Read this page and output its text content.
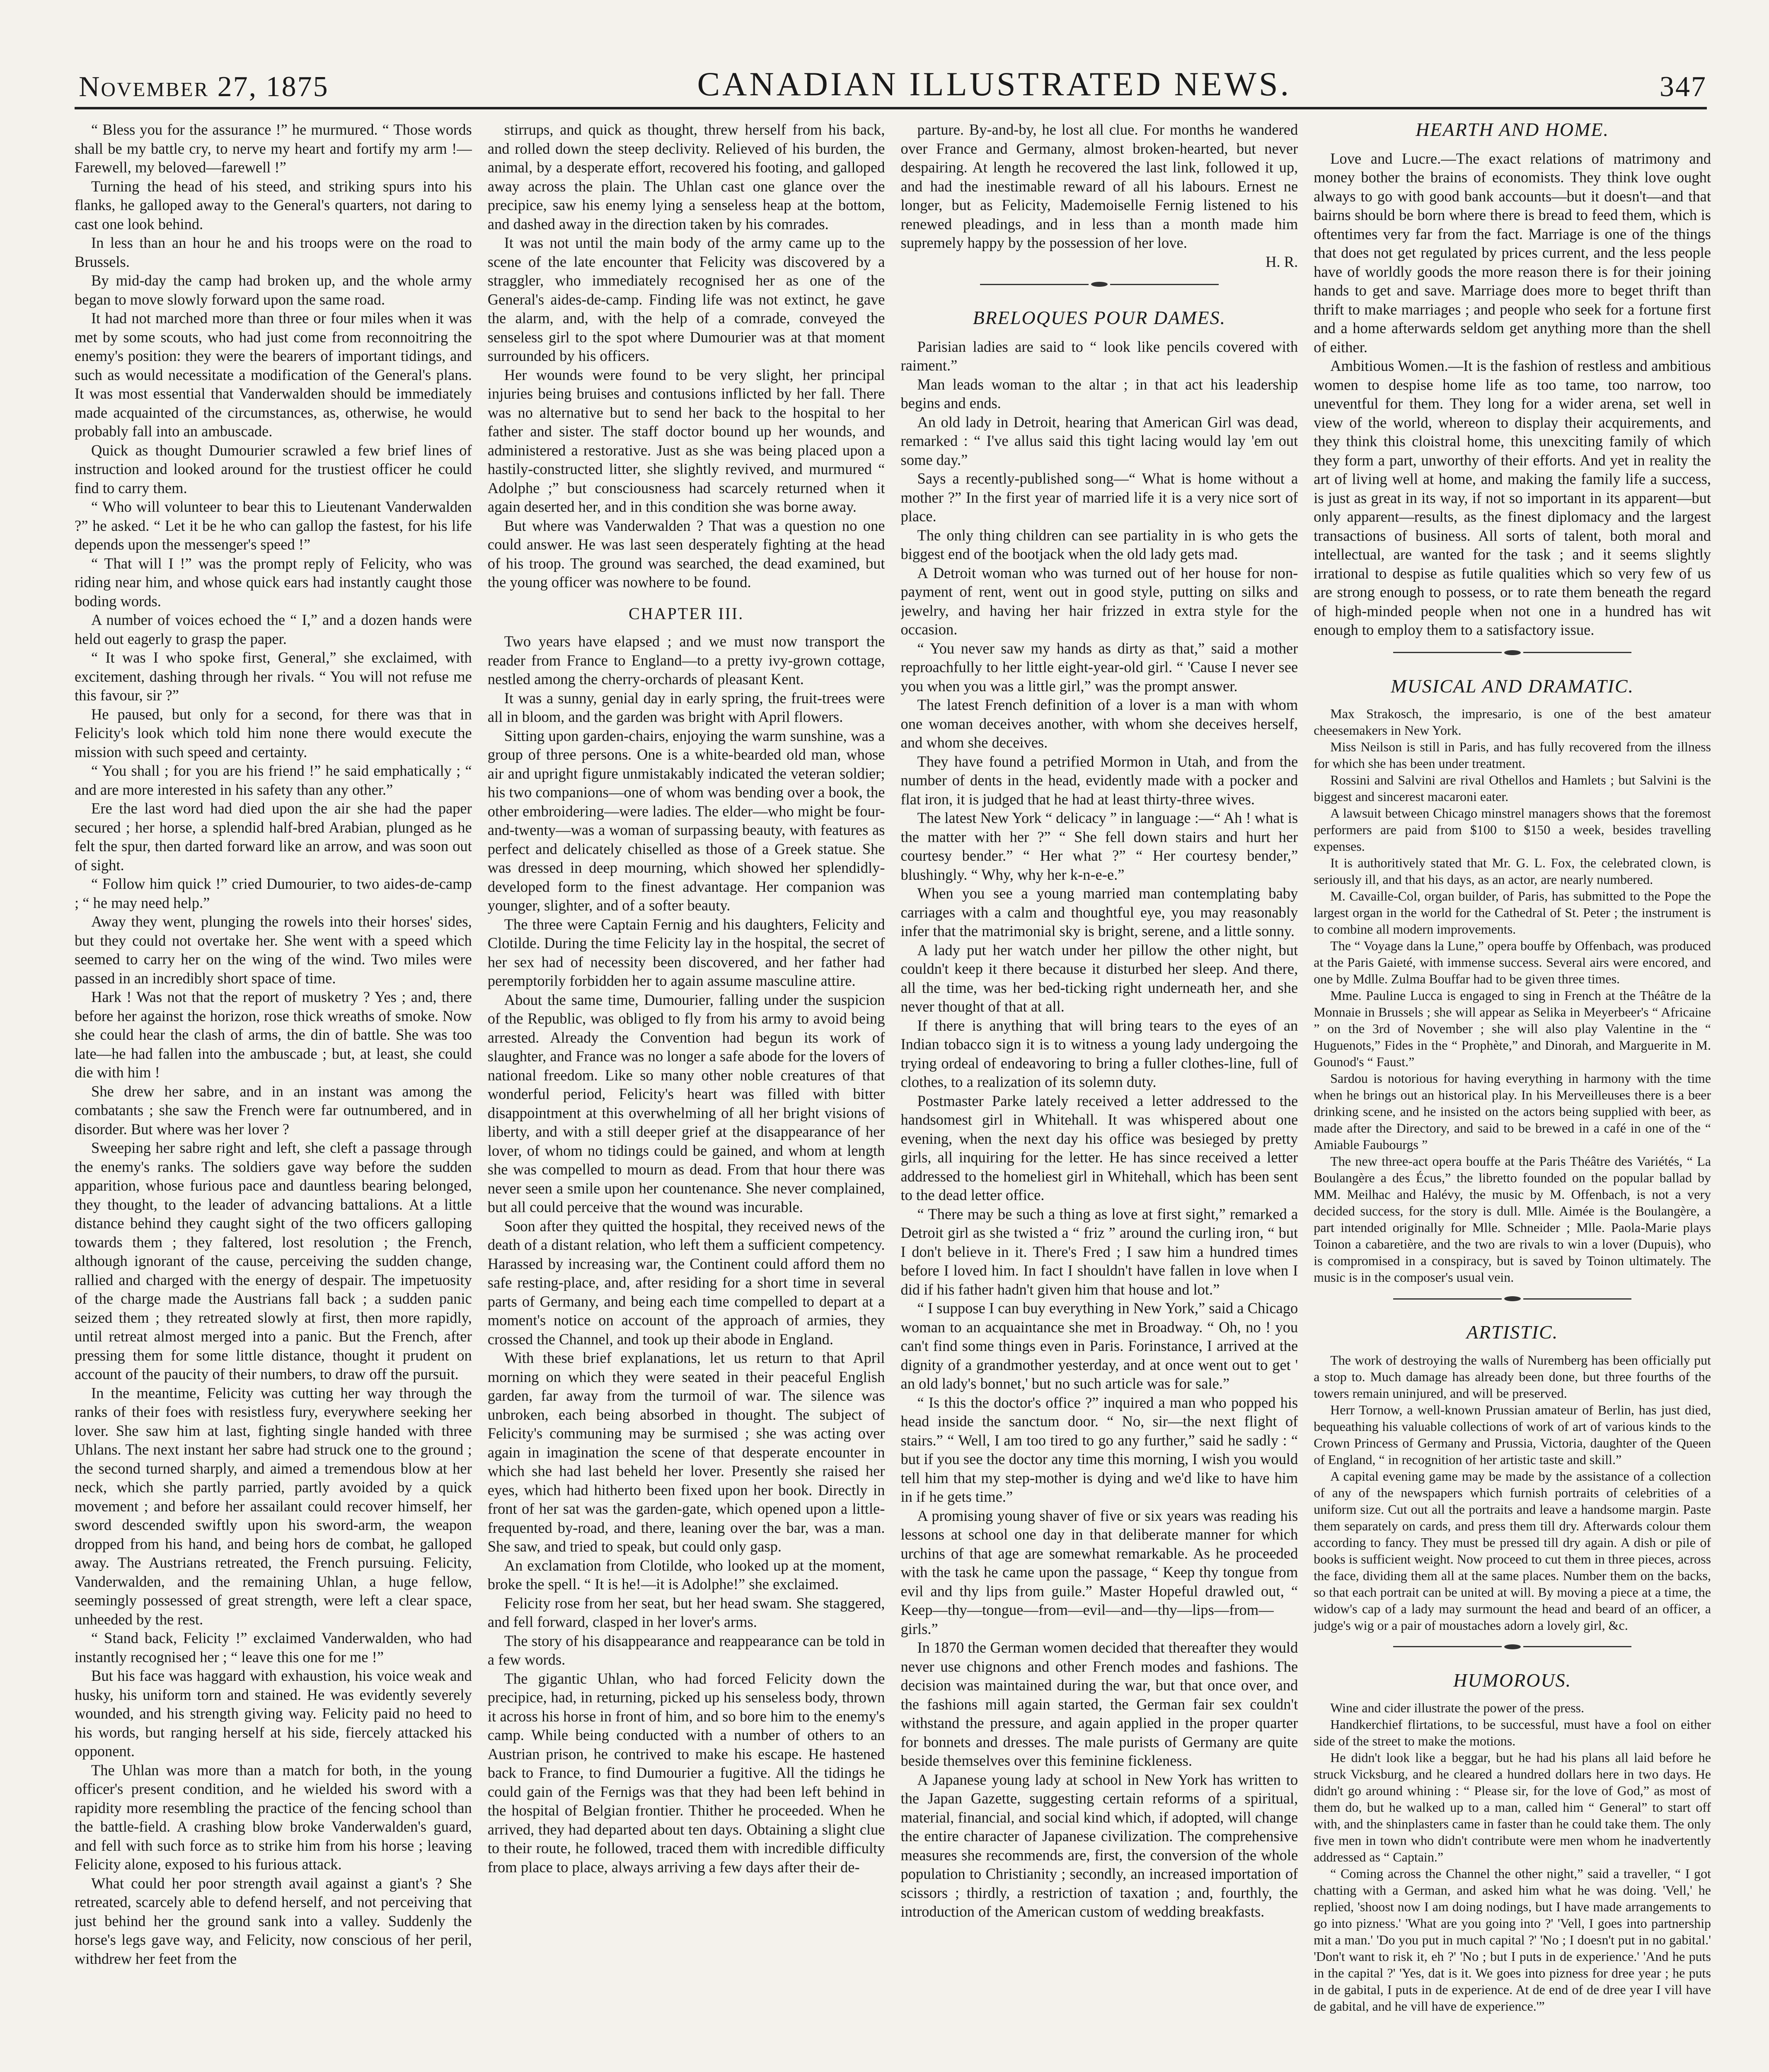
November 27, 1875	CANADIAN ILLUSTRATED NEWS.	347

“ Bless you for the assurance !” he murmured. “ Those words shall be my battle cry, to nerve my heart and fortify my arm !—Farewell, my beloved—farewell !”

Turning the head of his steed, and striking spurs into his flanks, he galloped away to the General's quarters, not daring to cast one look behind.

In less than an hour he and his troops were on the road to Brussels.

By mid-day the camp had broken up, and the whole army began to move slowly forward upon the same road.

It had not marched more than three or four miles when it was met by some scouts, who had just come from reconnoitring the enemy's position: they were the bearers of important tidings, and such as would necessitate a modification of the General's plans. It was most essential that Vanderwalden should be immediately made acquainted of the circumstances, as, otherwise, he would probably fall into an ambuscade.

Quick as thought Dumourier scrawled a few brief lines of instruction and looked around for the trustiest officer he could find to carry them.

“ Who will volunteer to bear this to Lieutenant Vanderwalden ?” he asked. “ Let it be he who can gallop the fastest, for his life depends upon the messenger's speed !”

“ That will I !” was the prompt reply of Felicity, who was riding near him, and whose quick ears had instantly caught those boding words.

A number of voices echoed the “ I,” and a dozen hands were held out eagerly to grasp the paper.

“ It was I who spoke first, General,” she exclaimed, with excitement, dashing through her rivals. “ You will not refuse me this favour, sir ?”

He paused, but only for a second, for there was that in Felicity's look which told him none there would execute the mission with such speed and certainty.

“ You shall ; for you are his friend !” he said emphatically ; “ and are more interested in his safety than any other.”

Ere the last word had died upon the air she had the paper secured ; her horse, a splendid half-bred Arabian, plunged as he felt the spur, then darted forward like an arrow, and was soon out of sight.

“ Follow him quick !” cried Dumourier, to two aides-de-camp ; “ he may need help.”

Away they went, plunging the rowels into their horses' sides, but they could not overtake her. She went with a speed which seemed to carry her on the wing of the wind. Two miles were passed in an incredibly short space of time.

Hark ! Was not that the report of musketry ? Yes ; and, there before her against the horizon, rose thick wreaths of smoke. Now she could hear the clash of arms, the din of battle. She was too late—he had fallen into the ambuscade ; but, at least, she could die with him !

She drew her sabre, and in an instant was among the combatants ; she saw the French were far outnumbered, and in disorder. But where was her lover ?

Sweeping her sabre right and left, she cleft a passage through the enemy's ranks. The soldiers gave way before the sudden apparition, whose furious pace and dauntless bearing belonged, they thought, to the leader of advancing battalions. At a little distance behind they caught sight of the two officers galloping towards them ; they faltered, lost resolution ; the French, although ignorant of the cause, perceiving the sudden change, rallied and charged with the energy of despair. The impetuosity of the charge made the Austrians fall back ; a sudden panic seized them ; they retreated slowly at first, then more rapidly, until retreat almost merged into a panic. But the French, after pressing them for some little distance, thought it prudent on account of the paucity of their numbers, to draw off the pursuit.

In the meantime, Felicity was cutting her way through the ranks of their foes with resistless fury, everywhere seeking her lover. She saw him at last, fighting single handed with three Uhlans. The next instant her sabre had struck one to the ground ; the second turned sharply, and aimed a tremendous blow at her neck, which she partly parried, partly avoided by a quick movement ; and before her assailant could recover himself, her sword descended swiftly upon his sword-arm, the weapon dropped from his hand, and being hors de combat, he galloped away. The Austrians retreated, the French pursuing. Felicity, Vanderwalden, and the remaining Uhlan, a huge fellow, seemingly possessed of great strength, were left a clear space, unheeded by the rest.

“ Stand back, Felicity !” exclaimed Vanderwalden, who had instantly recognised her ; “ leave this one for me !”

But his face was haggard with exhaustion, his voice weak and husky, his uniform torn and stained. He was evidently severely wounded, and his strength giving way. Felicity paid no heed to his words, but ranging herself at his side, fiercely attacked his opponent.

The Uhlan was more than a match for both, in the young officer's present condition, and he wielded his sword with a rapidity more resembling the practice of the fencing school than the battle-field. A crashing blow broke Vanderwalden's guard, and fell with such force as to strike him from his horse ; leaving Felicity alone, exposed to his furious attack.

What could her poor strength avail against a giant's ? She retreated, scarcely able to defend herself, and not perceiving that just behind her the ground sank into a valley. Suddenly the horse's legs gave way, and Felicity, now conscious of her peril, withdrew her feet from the

stirrups, and quick as thought, threw herself from his back, and rolled down the steep declivity. Relieved of his burden, the animal, by a desperate effort, recovered his footing, and galloped away across the plain. The Uhlan cast one glance over the precipice, saw his enemy lying a senseless heap at the bottom, and dashed away in the direction taken by his comrades.

It was not until the main body of the army came up to the scene of the late encounter that Felicity was discovered by a straggler, who immediately recognised her as one of the General's aides-de-camp. Finding life was not extinct, he gave the alarm, and, with the help of a comrade, conveyed the senseless girl to the spot where Dumourier was at that moment surrounded by his officers.

Her wounds were found to be very slight, her principal injuries being bruises and contusions inflicted by her fall. There was no alternative but to send her back to the hospital to her father and sister. The staff doctor bound up her wounds, and administered a restorative. Just as she was being placed upon a hastily-constructed litter, she slightly revived, and murmured “ Adolphe ;” but consciousness had scarcely returned when it again deserted her, and in this condition she was borne away.

But where was Vanderwalden ? That was a question no one could answer. He was last seen desperately fighting at the head of his troop. The ground was searched, the dead examined, but the young officer was nowhere to be found.

CHAPTER III.

Two years have elapsed ; and we must now transport the reader from France to England—to a pretty ivy-grown cottage, nestled among the cherry-orchards of pleasant Kent.

It was a sunny, genial day in early spring, the fruit-trees were all in bloom, and the garden was bright with April flowers.

Sitting upon garden-chairs, enjoying the warm sunshine, was a group of three persons. One is a white-bearded old man, whose air and upright figure unmistakably indicated the veteran soldier; his two companions—one of whom was bending over a book, the other embroidering—were ladies. The elder—who might be four-and-twenty—was a woman of surpassing beauty, with features as perfect and delicately chiselled as those of a Greek statue. She was dressed in deep mourning, which showed her splendidly-developed form to the finest advantage. Her companion was younger, slighter, and of a softer beauty.

The three were Captain Fernig and his daughters, Felicity and Clotilde. During the time Felicity lay in the hospital, the secret of her sex had of necessity been discovered, and her father had peremptorily forbidden her to again assume masculine attire.

About the same time, Dumourier, falling under the suspicion of the Republic, was obliged to fly from his army to avoid being arrested. Already the Convention had begun its work of slaughter, and France was no longer a safe abode for the lovers of national freedom. Like so many other noble creatures of that wonderful period, Felicity's heart was filled with bitter disappointment at this overwhelming of all her bright visions of liberty, and with a still deeper grief at the disappearance of her lover, of whom no tidings could be gained, and whom at length she was compelled to mourn as dead. From that hour there was never seen a smile upon her countenance. She never complained, but all could perceive that the wound was incurable.

Soon after they quitted the hospital, they received news of the death of a distant relation, who left them a sufficient competency. Harassed by increasing war, the Continent could afford them no safe resting-place, and, after residing for a short time in several parts of Germany, and being each time compelled to depart at a moment's notice on account of the approach of armies, they crossed the Channel, and took up their abode in England.

With these brief explanations, let us return to that April morning on which they were seated in their peaceful English garden, far away from the turmoil of war. The silence was unbroken, each being absorbed in thought. The subject of Felicity's communing may be surmised ; she was acting over again in imagination the scene of that desperate encounter in which she had last beheld her lover. Presently she raised her eyes, which had hitherto been fixed upon her book. Directly in front of her sat was the garden-gate, which opened upon a little-frequented by-road, and there, leaning over the bar, was a man. She saw, and tried to speak, but could only gasp.

An exclamation from Clotilde, who looked up at the moment, broke the spell. “ It is he!—it is Adolphe!” she exclaimed.

Felicity rose from her seat, but her head swam. She staggered, and fell forward, clasped in her lover's arms.

The story of his disappearance and reappearance can be told in a few words.

The gigantic Uhlan, who had forced Felicity down the precipice, had, in returning, picked up his senseless body, thrown it across his horse in front of him, and so bore him to the enemy's camp. While being conducted with a number of others to an Austrian prison, he contrived to make his escape. He hastened back to France, to find Dumourier a fugitive. All the tidings he could gain of the Fernigs was that they had been left behind in the hospital of Belgian frontier. Thither he proceeded. When he arrived, they had departed about ten days. Obtaining a slight clue to their route, he followed, traced them with incredible difficulty from place to place, always arriving a few days after their de-

parture. By-and-by, he lost all clue. For months he wandered over France and Germany, almost broken-hearted, but never despairing. At length he recovered the last link, followed it up, and had the inestimable reward of all his labours. Ernest ne longer, but as Felicity, Mademoiselle Fernig listened to his renewed pleadings, and in less than a month made him supremely happy by the possession of her love.

H. R.

BRELOQUES POUR DAMES.

Parisian ladies are said to “ look like pencils covered with raiment.”

Man leads woman to the altar ; in that act his leadership begins and ends.

An old lady in Detroit, hearing that American Girl was dead, remarked : “ I've allus said this tight lacing would lay 'em out some day.”

Says a recently-published song—“ What is home without a mother ?” In the first year of married life it is a very nice sort of place.

The only thing children can see partiality in is who gets the biggest end of the bootjack when the old lady gets mad.

A Detroit woman who was turned out of her house for non-payment of rent, went out in good style, putting on silks and jewelry, and having her hair frizzed in extra style for the occasion.

“ You never saw my hands as dirty as that,” said a mother reproachfully to her little eight-year-old girl. “ 'Cause I never see you when you was a little girl,” was the prompt answer.

The latest French definition of a lover is a man with whom one woman deceives another, with whom she deceives herself, and whom she deceives.

They have found a petrified Mormon in Utah, and from the number of dents in the head, evidently made with a pocker and flat iron, it is judged that he had at least thirty-three wives.

The latest New York “ delicacy ” in language :—“ Ah ! what is the matter with her ?” “ She fell down stairs and hurt her courtesy bender.” “ Her what ?” “ Her courtesy bender,” blushingly. “ Why, why her k-n-e-e.”

When you see a young married man contemplating baby carriages with a calm and thoughtful eye, you may reasonably infer that the matrimonial sky is bright, serene, and a little sonny.

A lady put her watch under her pillow the other night, but couldn't keep it there because it disturbed her sleep. And there, all the time, was her bed-ticking right underneath her, and she never thought of that at all.

If there is anything that will bring tears to the eyes of an Indian tobacco sign it is to witness a young lady undergoing the trying ordeal of endeavoring to bring a fuller clothes-line, full of clothes, to a realization of its solemn duty.

Postmaster Parke lately received a letter addressed to the handsomest girl in Whitehall. It was whispered about one evening, when the next day his office was besieged by pretty girls, all inquiring for the letter. He has since received a letter addressed to the homeliest girl in Whitehall, which has been sent to the dead letter office.

“ There may be such a thing as love at first sight,” remarked a Detroit girl as she twisted a “ friz ” around the curling iron, “ but I don't believe in it. There's Fred ; I saw him a hundred times before I loved him. In fact I shouldn't have fallen in love when I did if his father hadn't given him that house and lot.”

“ I suppose I can buy everything in New York,” said a Chicago woman to an acquaintance she met in Broadway. “ Oh, no ! you can't find some things even in Paris. Forinstance, I arrived at the dignity of a grandmother yesterday, and at once went out to get ' an old lady's bonnet,' but no such article was for sale.”

“ Is this the doctor's office ?” inquired a man who popped his head inside the sanctum door. “ No, sir—the next flight of stairs.” “ Well, I am too tired to go any further,” said he sadly : “ but if you see the doctor any time this morning, I wish you would tell him that my step-mother is dying and we'd like to have him in if he gets time.”

A promising young shaver of five or six years was reading his lessons at school one day in that deliberate manner for which urchins of that age are somewhat remarkable. As he proceeded with the task he came upon the passage, “ Keep thy tongue from evil and thy lips from guile.” Master Hopeful drawled out, “ Keep—thy—tongue—from—evil—and—thy—lips—from—girls.”

In 1870 the German women decided that thereafter they would never use chignons and other French modes and fashions. The decision was maintained during the war, but that once over, and the fashions mill again started, the German fair sex couldn't withstand the pressure, and again applied in the proper quarter for bonnets and dresses. The male purists of Germany are quite beside themselves over this feminine fickleness.

A Japanese young lady at school in New York has written to the Japan Gazette, suggesting certain reforms of a spiritual, material, financial, and social kind which, if adopted, will change the entire character of Japanese civilization. The comprehensive measures she recommends are, first, the conversion of the whole population to Christianity ; secondly, an increased importation of scissors ; thirdly, a restriction of taxation ; and, fourthly, the introduction of the American custom of wedding breakfasts.

HEARTH AND HOME.

Love and Lucre.—The exact relations of matrimony and money bother the brains of economists. They think love ought always to go with good bank accounts—but it doesn't—and that bairns should be born where there is bread to feed them, which is oftentimes very far from the fact. Marriage is one of the things that does not get regulated by prices current, and the less people have of worldly goods the more reason there is for their joining hands to get and save. Marriage does more to beget thrift than thrift to make marriages ; and people who seek for a fortune first and a home afterwards seldom get anything more than the shell of either.

Ambitious Women.—It is the fashion of restless and ambitious women to despise home life as too tame, too narrow, too uneventful for them. They long for a wider arena, set well in view of the world, whereon to display their acquirements, and they think this cloistral home, this unexciting family of which they form a part, unworthy of their efforts. And yet in reality the art of living well at home, and making the family life a success, is just as great in its way, if not so important in its apparent—but only apparent—results, as the finest diplomacy and the largest transactions of business. All sorts of talent, both moral and intellectual, are wanted for the task ; and it seems slightly irrational to despise as futile qualities which so very few of us are strong enough to possess, or to rate them beneath the regard of high-minded people when not one in a hundred has wit enough to employ them to a satisfactory issue.

MUSICAL AND DRAMATIC.

Max Strakosch, the impresario, is one of the best amateur cheesemakers in New York.

Miss Neilson is still in Paris, and has fully recovered from the illness for which she has been under treatment.

Rossini and Salvini are rival Othellos and Hamlets ; but Salvini is the biggest and sincerest macaroni eater.

A lawsuit between Chicago minstrel managers shows that the foremost performers are paid from $100 to $150 a week, besides travelling expenses.

It is authoritively stated that Mr. G. L. Fox, the celebrated clown, is seriously ill, and that his days, as an actor, are nearly numbered.

M. Cavaille-Col, organ builder, of Paris, has submitted to the Pope the largest organ in the world for the Cathedral of St. Peter ; the instrument is to combine all modern improvements.

The “ Voyage dans la Lune,” opera bouffe by Offenbach, was produced at the Paris Gaieté, with immense success. Several airs were encored, and one by Mdlle. Zulma Bouffar had to be given three times.

Mme. Pauline Lucca is engaged to sing in French at the Théâtre de la Monnaie in Brussels ; she will appear as Selika in Meyerbeer's “ Africaine ” on the 3rd of November ; she will also play Valentine in the “ Huguenots,” Fides in the “ Prophète,” and Dinorah, and Marguerite in M. Gounod's “ Faust.”

Sardou is notorious for having everything in harmony with the time when he brings out an historical play. In his Merveilleuses there is a beer drinking scene, and he insisted on the actors being supplied with beer, as made after the Directory, and said to be brewed in a café in one of the “ Amiable Faubourgs ”

The new three-act opera bouffe at the Paris Théâtre des Variétés, “ La Boulangère a des Écus,” the libretto founded on the popular ballad by MM. Meilhac and Halévy, the music by M. Offenbach, is not a very decided success, for the story is dull. Mlle. Aimée is the Boulangère, a part intended originally for Mlle. Schneider ; Mlle. Paola-Marie plays Toinon a cabaretière, and the two are rivals to win a lover (Dupuis), who is compromised in a conspiracy, but is saved by Toinon ultimately. The music is in the composer's usual vein.

ARTISTIC.

The work of destroying the walls of Nuremberg has been officially put a stop to. Much damage has already been done, but three fourths of the towers remain uninjured, and will be preserved.

Herr Tornow, a well-known Prussian amateur of Berlin, has just died, bequeathing his valuable collections of work of art of various kinds to the Crown Princess of Germany and Prussia, Victoria, daughter of the Queen of England, “ in recognition of her artistic taste and skill.”

A capital evening game may be made by the assistance of a collection of any of the newspapers which furnish portraits of celebrities of a uniform size. Cut out all the portraits and leave a handsome margin. Paste them separately on cards, and press them till dry. Afterwards colour them according to fancy. They must be pressed till dry again. A dish or pile of books is sufficient weight. Now proceed to cut them in three pieces, across the face, dividing them all at the same places. Number them on the backs, so that each portrait can be united at will. By moving a piece at a time, the widow's cap of a lady may surmount the head and beard of an officer, a judge's wig or a pair of moustaches adorn a lovely girl, &c.

HUMOROUS.

Wine and cider illustrate the power of the press.

Handkerchief flirtations, to be successful, must have a fool on either side of the street to make the motions.

He didn't look like a beggar, but he had his plans all laid before he struck Vicksburg, and he cleared a hundred dollars here in two days. He didn't go around whining : “ Please sir, for the love of God,” as most of them do, but he walked up to a man, called him “ General” to start off with, and the shinplasters came in faster than he could take them. The only five men in town who didn't contribute were men whom he inadvertently addressed as “ Captain.”

“ Coming across the Channel the other night,” said a traveller, “ I got chatting with a German, and asked him what he was doing. 'Vell,' he replied, 'shoost now I am doing nodings, but I have made arrangements to go into pizness.' 'What are you going into ?' 'Vell, I goes into partnership mit a man.' 'Do you put in much capital ?' 'No ; I doesn't put in no gabital.' 'Don't want to risk it, eh ?' 'No ; but I puts in de experience.' 'And he puts in the capital ?' 'Yes, dat is it. We goes into pizness for dree year ; he puts in de gabital, I puts in de experience. At de end of de dree year I vill have de gabital, and he vill have de experience.'”
